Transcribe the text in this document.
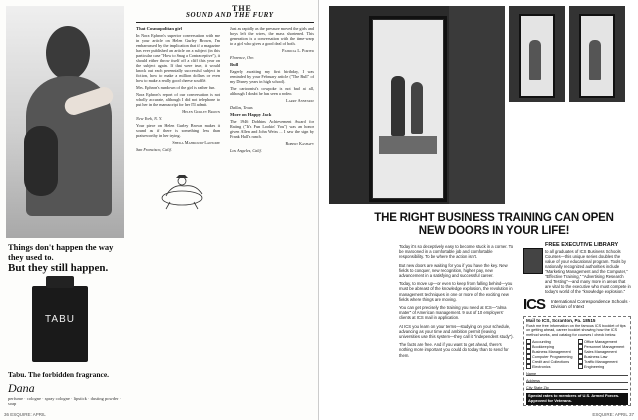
Things don't happen the way they used to.
But they still happen.
TABU
Tabu. The forbidden fragrance.
Dana
perfume · cologne · spray cologne · lipstick · dusting powder · soap
36 ESQUIRE: APRIL
THE
SOUND AND THE FURY

That Cosmopolitan girl

In Nora Ephron's superior conversation with me in your article on Helen Gurley Brown, I'm embarrassed by the implication that if a magazine has ever published an article on a subject (in this particular case "How to Snag a Contraceptive"), it should either throw itself off a cliff this year on the subject again. If that were true, it would knock out each perennially successful subject in fiction, how to make a million dollars or even how to make a really good cheese soufflé.

Mrs. Ephron's rundown of the girl is rather fun.

Nora Ephron's report of our conversation is not wholly accurate, although I did not telephone to put her in the manuscript for her I'll admit.

Helen Gurley Brown

New York, N. Y.

Your piece on Helen Gurley Brown makes it sound as if there is something less than praiseworthy in her trying.

Sheila Mahmoudi-Lawsome

San Francisco, Calif.

Just as rapidly as the pressure moved the girls and boys left the wires, the mass shortened. This generation is a conversation with the time-warp to a girl who gives a good deal of both.

Patricia L. Porter

Florence, Ore.

Bull

Eagerly awaiting my first birthday, I was reminded by your February article ("The Bull" of my Disney years in high school).

The cartoonist's cowpoke is not bad at all, although I doubt he has seen a rodeo.

Larry Annexpat

Dallas, Texas

More on Happy Jack

The 1946 Dobbins Achievement Award for Rating ("It's Fun Lookin' You") was an honor given Allen and John Weiss ... I saw the sign by Frank Hall's ranch.

Robert Kashafy

Los Angeles, Calif.

THE RIGHT BUSINESS TRAINING CAN OPEN
NEW DOORS IN YOUR LIFE!

Today it's so deceptively easy to become stuck in a corner. To be marooned in a comfortable job and comfortable responsibility. To be where the action isn't.

But new doors are waiting for you if you have the key. New fields to conquer, new recognition, higher pay, new advancement in a satisfying and successful career.

Today, to move up—or even to keep from falling behind—you must be abreast of the knowledge explosion, the revolution in management techniques in one or more of the exciting new fields where things are moving.

You can get precisely the training you need at ICS—"alma mater" of American management. 9 out of 10 employers' clients at ICS mail in application.

At ICS you learn on your terms—studying on your schedule, advancing as your time and ambition permit (leaving universities use this system—they call it "independent study").

The facts are free. And if you want to get ahead, there's nothing more important you could do today than to send for them.

FREE EXECUTIVE LIBRARY
to all graduates of ICS Business Schools Courses—this unique series doubles the value of your educational program. Tools by nationally recognized authorities include "Marketing Management and the Computer," "Effective Training," "Advertising Research and Testing"—and many more in areas that are vital to the executive who must compete in today's world of the "knowledge explosion."
ICS International Correspondence Schools · Division of Intext
Mail to ICS, Scranton, Pa. 18515
Rush me free information on the famous ICS booklet of tips on getting ahead, career booklet showing how the ICS method works, and catalog for courses I check below.
Accounting	Office Management
Bookkeeping	Personnel Management
Business Management	Sales Management
Computer Programming	Business Law
Credit and Collections	Traffic Management
Electronics	Engineering
Name
Address
City State Zip
Special rates to members of U.S. Armed Forces. Approved for Veterans.
ESQUIRE: APRIL 37
